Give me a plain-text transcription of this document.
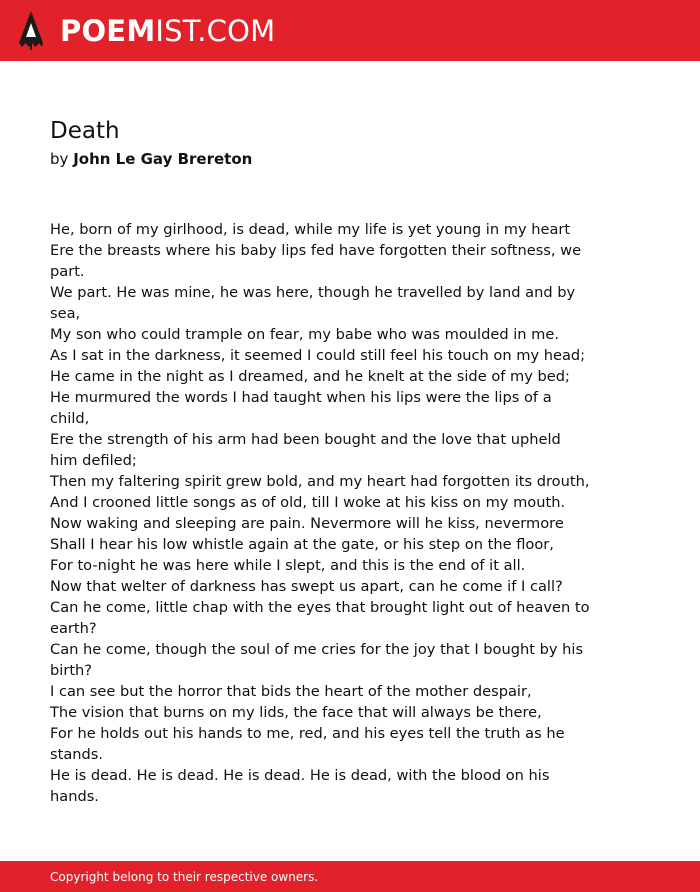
POEMIST.COM
Death
by John Le Gay Brereton
He, born of my girlhood, is dead, while my life is yet young in my heart
Ere the breasts where his baby lips fed have forgotten their softness, we part.
We part. He was mine, he was here, though he travelled by land and by sea,
My son who could trample on fear, my babe who was moulded in me.
As I sat in the darkness, it seemed I could still feel his touch on my head;
He came in the night as I dreamed, and he knelt at the side of my bed;
He murmured the words I had taught when his lips were the lips of a child,
Ere the strength of his arm had been bought and the love that upheld him defiled;
Then my faltering spirit grew bold, and my heart had forgotten its drouth,
And I crooned little songs as of old, till I woke at his kiss on my mouth.
Now waking and sleeping are pain. Nevermore will he kiss, nevermore
Shall I hear his low whistle again at the gate, or his step on the floor,
For to-night he was here while I slept, and this is the end of it all.
Now that welter of darkness has swept us apart, can he come if I call?
Can he come, little chap with the eyes that brought light out of heaven to earth?
Can he come, though the soul of me cries for the joy that I bought by his birth?
I can see but the horror that bids the heart of the mother despair,
The vision that burns on my lids, the face that will always be there,
For he holds out his hands to me, red, and his eyes tell the truth as he stands.
He is dead. He is dead. He is dead. He is dead, with the blood on his hands.
Copyright belong to their respective owners.
